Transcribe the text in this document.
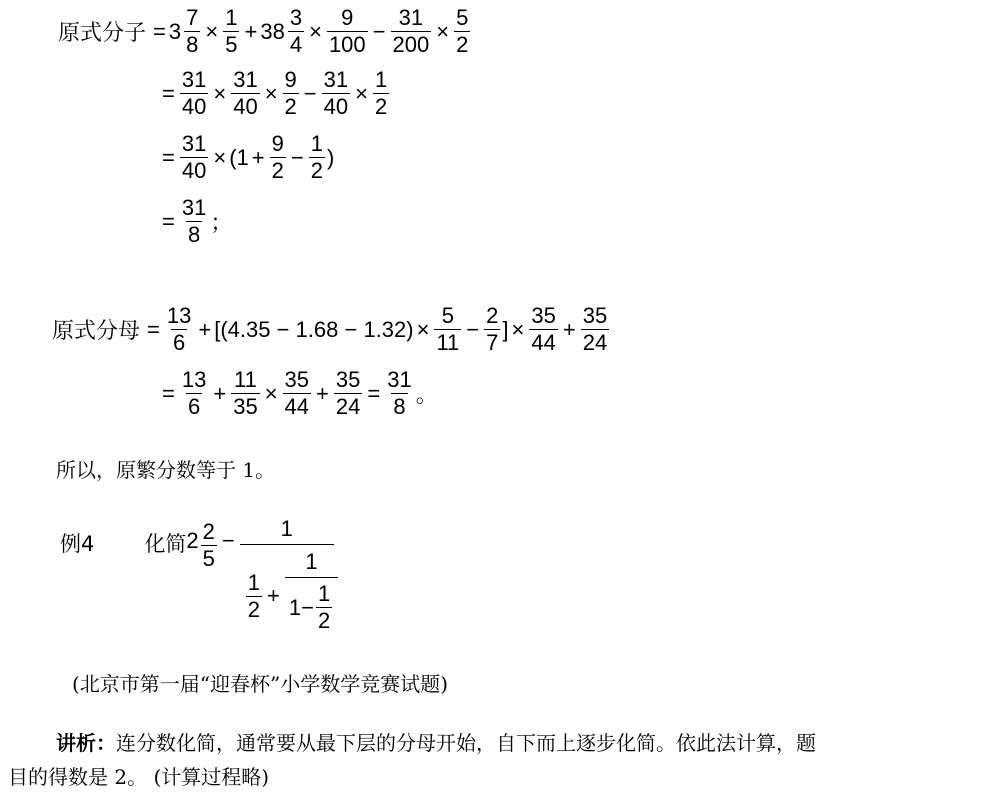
原式分子 = $3 \frac{7}{8} \times \frac{1}{5} + 38 \frac{3}{4} \times \frac{9}{100} - \frac{31}{200} \times \frac{5}{2}$
= $\frac{31}{40} \times \frac{31}{40} \times \frac{9}{2} - \frac{31}{40} \times \frac{1}{2}$
= $\frac{31}{40} \times (1 + \frac{9}{2} - \frac{1}{2}$ )
= $\frac{31}{8}$ ；
原式分母 = $\frac{13}{6} + [(4.35 - 1.68 - 1.32) \times \frac{5}{11} - \frac{2}{7}$ ] × $\frac{35}{44} + \frac{35}{24}$
= $\frac{13}{6} + \frac{11}{35} \times \frac{35}{44} + \frac{35}{24} = \frac{31}{8}$ 。
所以，原繁分数等于 1。
例4 化简 $2 \frac{2}{5} - 1$
$\frac{1}{2} + \frac{1}{1- \frac{1}{2}}$
(北京市第一届“迎春杯”小学数学竞赛试题)
讲析：连分数化简，通常要从最下层的分母开始，自下而上逐步化简。依此法计算，题
目的得数是 2。 (计算过程略)
